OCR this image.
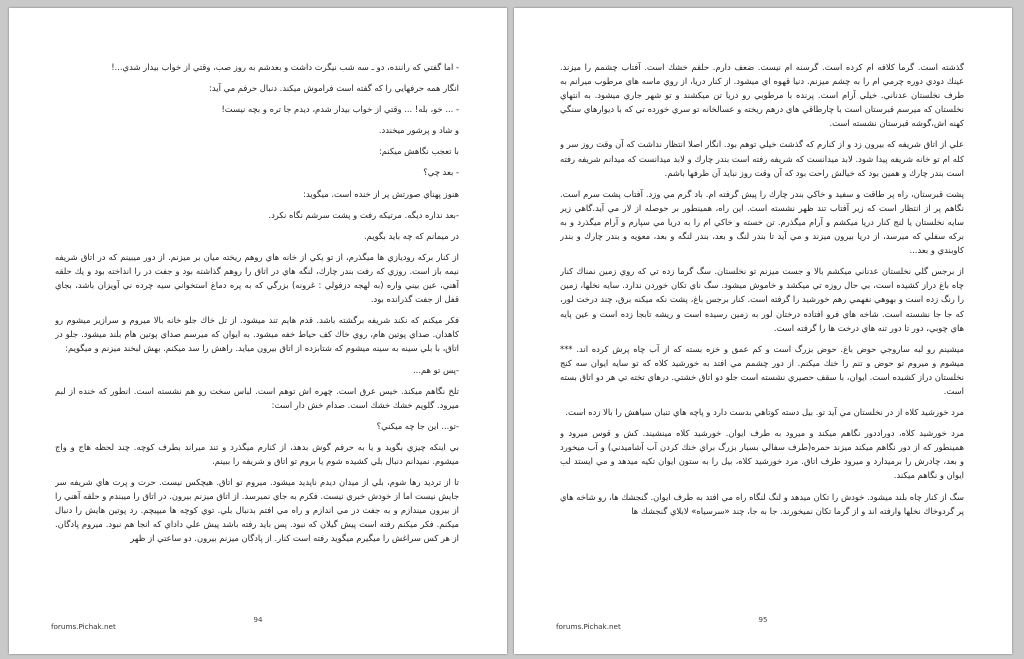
- اما گفتي كه راننده، دو ـ سه شب نيگرت داشت و بعدشم به روز صب، وقتي از خواب بيدار شدي...!

انگار همه حرفهايي را كه گفته است فراموش ميكند. دنبال حرفم مي آيد:

- ... خو، بله! ... وقتي از خواب بيدار شدم، ديدم جا تره و بچه نيست!

و شاد و پرشور ميخندد.

با تعجب نگاهش ميكنم:

- بعد چي؟

هنوز پهناي صورتش پر از خنده است. ميگويد:

-بعد نداره ديگه. مرتيكه رفت و پشت سرشم نگاه نكرد.

در ميمانم كه چه بايد بگويم.

از كنار بركه روديازي ها ميگذرم، از تو يكي از خانه هاي روهم ريخته ميان بر ميزنم. از دور ميبينم كه در اتاق شريفه نيمه باز است. روزي كه رفت بندر چارك، لنگه هاي در اتاق را روهم گذاشته بود و جفت در را انداخته بود و يك حلقه آهني، عين بيني واره (به لهجه دزفولي : غرونه) بزرگي كه به پره دماغ استخواني سيه چرده ني آويزان باشد، بجاي قفل از جفت گذرانده بود.

فكر ميكنم كه نكند شريفه برگشته باشد. قدم هايم تند ميشود. از تل خاك جلو خانه بالا ميروم و سرازير ميشوم رو كاهدان. صداي پوتين هام، روي خاك كف حياط خفه ميشود. به ايوان كه ميرسم صداي پوتين هام بلند ميشود. جلو در اتاق، با بلي سينه به سينه ميشوم كه شتابزده از اتاق بيرون ميايد. راهش را سد ميكنم. بهش لبخند ميزنم و ميگويم:

-پس تو هم...

تلخ نگاهم ميكند. خيس عرق است. چهره اش توهم است. لباس سخت رو هم نشسته است. انطور كه خنده از لبم ميرود. گلويم خشك خشك است. صدام خش دار است:

-تو... اين جا چه ميكني؟

بي اينكه چيزي بگويد و يا به حرفم گوش بدهد، از كنارم ميگذرد و تند ميراند بطرف كوچه. چند لحظه هاج و واج ميشوم. نميدانم دنبال بلي كشيده شوم يا بروم تو اتاق و شريفه را ببينم.

تا از ترديد رها شوم، بلي از ميدان ديدم ناپديد ميشود. ميروم تو اتاق. هيچكس نيست. حرت و پرت هاي شريفه سر جايش نيست اما از خودش خبري نيست. فكرم به جاي نميرسد. از اتاق ميزنم بيرون. در اتاق را ميبندم و حلقه آهني را از بيرون ميندازم و به جفت در مي اندازم و راه مي افتم بدنبال بلي. توي كوچه ها ميپيچم. رد پوتين هايش را دنبال ميكنم. فكر ميكنم رفته است پيش گيلان كه نبود. پس بايد رفته باشد پيش علي داداي كه انجا هم نبود. ميروم پادگان. از هر كس سراغش را ميگيرم ميگويد رفته است كنار. از پادگان ميزنم بيرون. دو ساعتي از ظهر

94
forums.Pichak.net

گذشته است. گرما كلافه ام كرده است. گرسنه ام نيست. ضعف دارم. حلقم خشك است. آفتاب چشمم را ميزند. عينك دودي دوره چرمي ام را به چشم ميزنم. دنيا قهوه اي ميشود. از كنار دريا، از روي ماسه هاي مرطوب ميرانم به طرف نخلستان عدناني. خيلي آرام است. پرنده با مرطوبي رو دريا تن ميكشند و تو شهر جاري ميشود. به انتهاي نخلستان كه ميرسم قبرستان است با چارطاقي هاي درهم ريخته و عسالخانه تو سري خورده تي كه با ديوارهاي سنگي كهنه اش،گوشه قبرستان نشسته است.

علي از اتاق شريفه كه بيرون زد و از كنارم كه گذشت خيلي توهم بود. انگار اصلا انتظار نداشت كه آن وقت روز سر و كله ام تو خانه شريفه پيدا شود. لابد ميدانست كه شريفه رفته است بندر چارك و لابد ميدانست كه ميدانم شريفه رفته است بندر چارك و همين بود كه خيالش راحت بود كه آن وقت روز نبايد آن طرفها باشم.

پشت قبرستان، راه پر طاقت و سفيد و خاكي بندر چارك را پيش گرفته ام. باد گرم مي وزد. آفتاب پشت سرم است. نگاهم پر از انتظار است كه زير آفتاب تند ظهر نشسته است. اين راه، همينطور بر حوصله از لار مي آيد.گاهي زير سايه نخلستان يا لنج كنار دريا ميكشم و آرام ميگذرم. تن خسته و خاكي ام را به دريا مي سپارم و آرام ميگذرد و به بركه سفلي كه ميرسد، از دريا بيرون ميزند و مي آيد تا بندر لنگ و بعد، بندر لنگه و بعد، معويه و بندر چارك و بندر كاوبندي و بعد...

از برجس گلي نخلستان عدناني ميكشم بالا و جست ميزنم تو نخلستان. سگ گرما زده تي كه روي زمين نمناك كنار چاه باغ دراز كشيده است، بي حال روزه تي ميكشد و خاموش ميشود. سگ ناي تكان خوردن ندارد. سايه نخلها، زمين را رنگ زده است و بهوهي نفهمي رهم خورشيد را گرفته است. كنار برجس باغ، پشت نكه ميكنه برق، چند درخت لور، كه جا جا نشسته است. شاخه هاي فرو افتاده درختان لور به زمين رسيده است و ريشه تابجا زده است و عين پايه هاي چوبي، دور تا دور تنه هاي درخت ها را گرفته است.

ميشينم رو لبه ساروجي حوض باغ. حوض بزرگ است و كم عمق و خزه بسته كه از آب چاه پرش كرده اند. *** ميشوم و ميروم تو حوض و تنم را خنك ميكنم. از دور چشمم مي افتد به خورشيد كلاه كه تو سايه ايوان سه كنج نخلستان دراز كشيده است. ايوان، با سقف حصيري نشسته است جلو دو اتاق خشتي. درهاي تخته تي هر دو اتاق بسته است.

مرد خورشيد كلاه از در نخلستان مي آيد تو. بيل دسته كوتاهي بدست دارد و پاچه هاي تنبان سياهش را بالا زده است.

مرد خورشيد كلاه، دوراددور نگاهم ميكند و ميرود به طرف ايوان. خورشيد كلاه مينشيند. كش و قوس ميرود و همينطور كه از دور نگاهم ميكند ميزند حمره(طرف سفالي بسيار بزرگ براي خنك كردن آب آشاميدني) و آب ميخورد و بعد، چادرش را برميدارد و ميرود طرف اتاق. مرد خورشيد كلاه، بيل را به ستون ايوان تكيه ميدهد و مي ايستد لب ايوان و نگاهم ميكند.

سگ از كنار چاه بلند ميشود. خودش را تكان ميدهد و لنگ لنگاه راه مي افتد به طرف ايوان. گنجشك ها، رو شاخه هاي پر گردوخاك نخلها وارفته اند و از گرما تكان نميخورند. جا به جا، چند «سرسياه» لابلاي گنجشك ها

95
forums.Pichak.net
